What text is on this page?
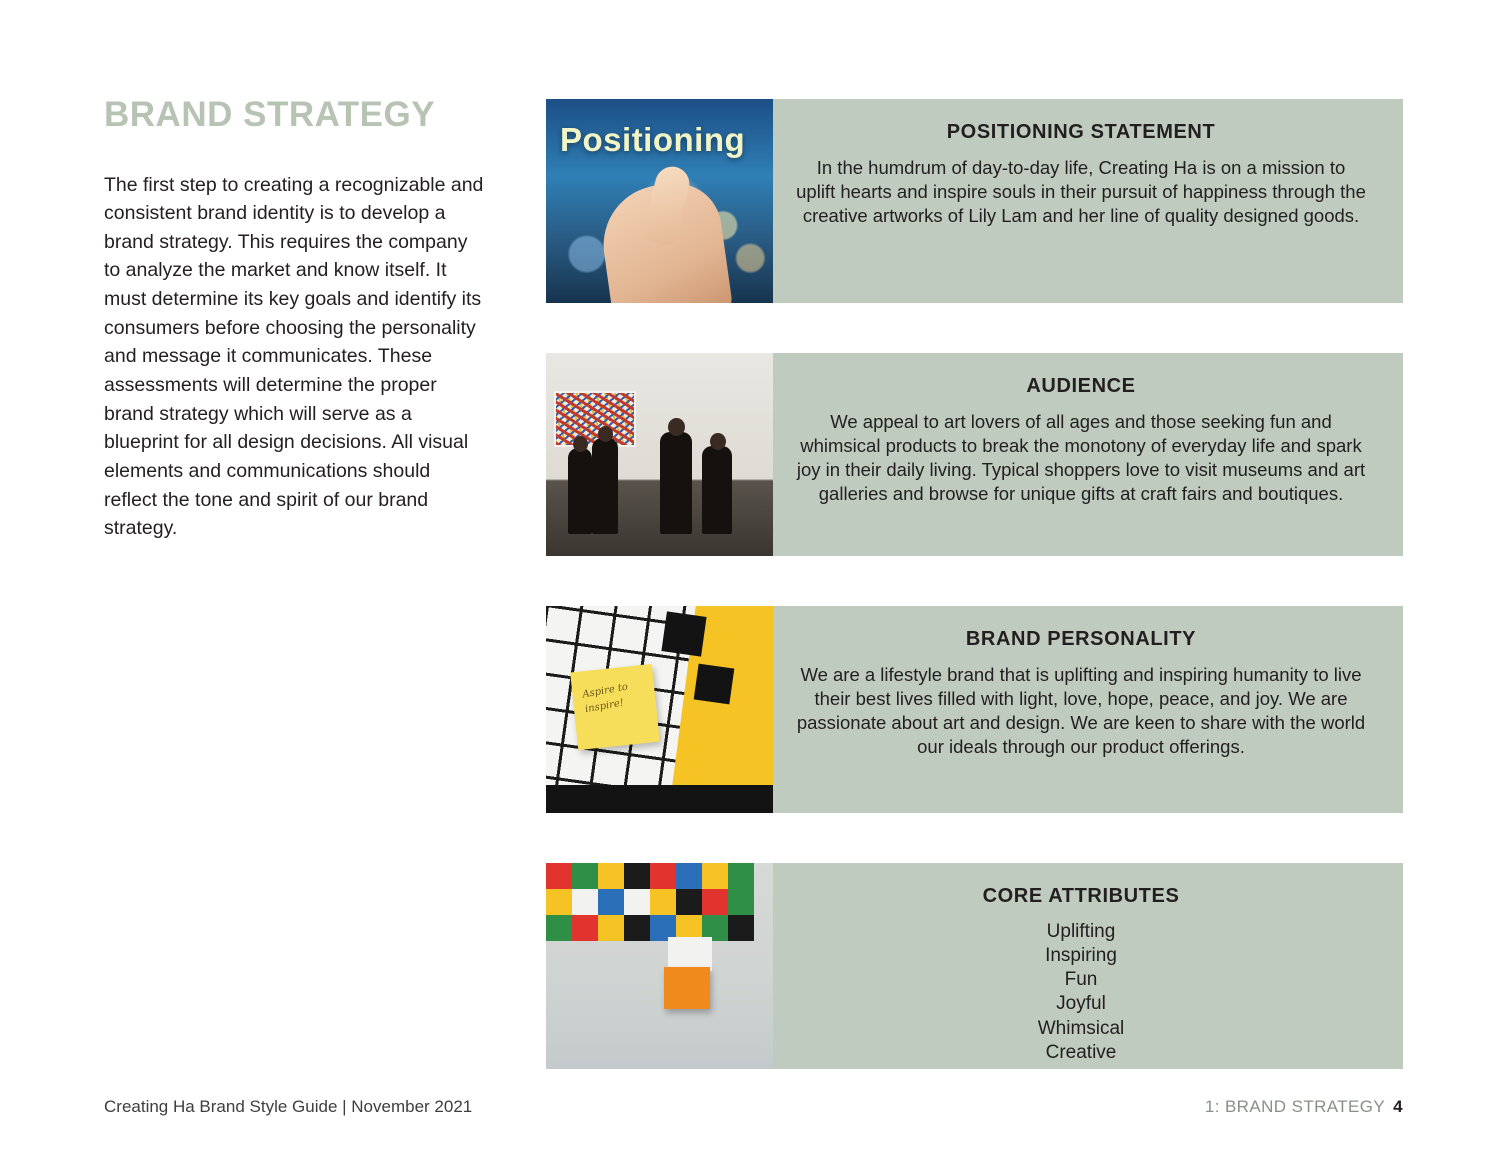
BRAND STRATEGY

The first step to creating a recognizable and consistent brand identity is to develop a brand strategy. This requires the company to analyze the market and know itself. It must determine its key goals and identify its consumers before choosing the personality and message it communicates. These assessments will determine the proper brand strategy which will serve as a blueprint for all design decisions. All visual elements and communications should reflect the tone and spirit of our brand strategy.

Positioning	POSITIONING STATEMENT

In the humdrum of day-to-day life, Creating Ha is on a mission to uplift hearts and inspire souls in their pursuit of happiness through the creative artworks of Lily Lam and her line of quality designed goods.

AUDIENCE

We appeal to art lovers of all ages and those seeking fun and whimsical products to break the monotony of everyday life and spark joy in their daily living. Typical shoppers love to visit museums and art galleries and browse for unique gifts at craft fairs and boutiques.

Aspire to inspire!
BRAND PERSONALITY

We are a lifestyle brand that is uplifting and inspiring humanity to live their best lives filled with light, love, hope, peace, and joy. We are passionate about art and design. We are keen to share with the world our ideals through our product offerings.

CORE ATTRIBUTES
Uplifting
Inspiring
Fun
Joyful
Whimsical
Creative
Creating Ha Brand Style Guide | November 2021	1: BRAND STRATEGY 4
